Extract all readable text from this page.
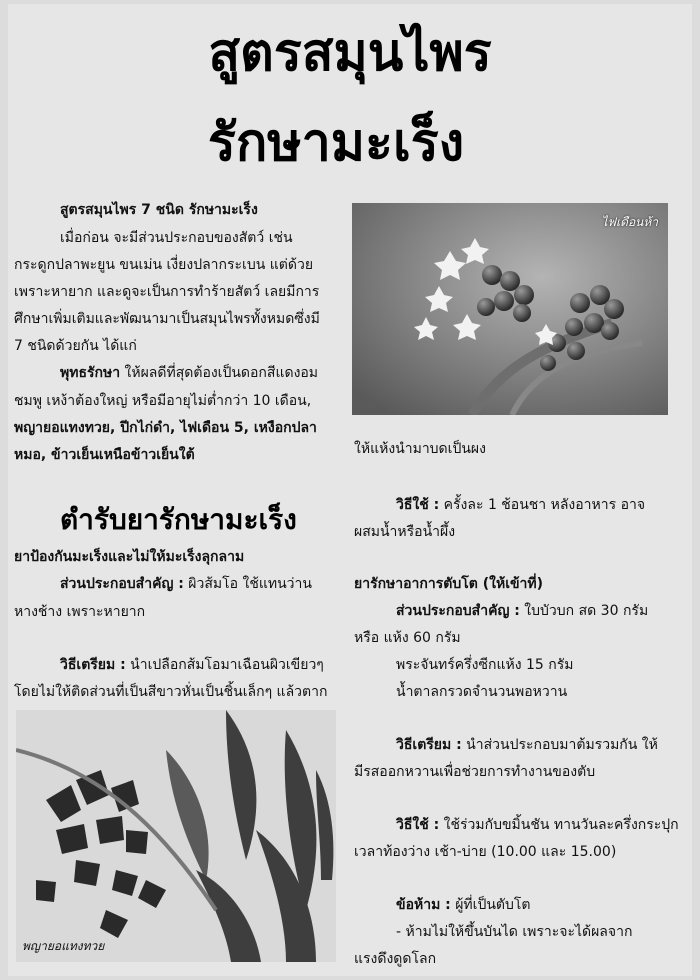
สูตรสมุนไพร
รักษามะเร็ง
สูตรสมุนไพร 7 ชนิด รักษามะเร็ง
เมื่อก่อน จะมีส่วนประกอบของสัตว์ เช่น
กระดูกปลาพะยูน ขนเม่น เงี่ยงปลากระเบน แต่ด้วย
เพราะหายาก และดูจะเป็นการทำร้ายสัตว์ เลยมีการ
ศึกษาเพิ่มเติมและพัฒนามาเป็นสมุนไพรทั้งหมดซึ่งมี
7 ชนิดด้วยกัน ได้แก่
พุทธรักษา ให้ผลดีที่สุดต้องเป็นดอกสีแดงอม
ชมพู เหง้าต้องใหญ่ หรือมีอายุไม่ต่ำกว่า 10 เดือน,
พญายอแทงทวย, ปีกไก่ดำ, ไฟเดือน 5, เหงือกปลา
หมอ, ข้าวเย็นเหนือข้าวเย็นใต้
ตำรับยารักษามะเร็ง
ยาป้องกันมะเร็งและไม่ให้มะเร็งลุกลาม
ส่วนประกอบสำคัญ : ผิวส้มโอ ใช้แทนว่าน
หางช้าง เพราะหายาก
วิธีเตรียม : นำเปลือกส้มโอมาเฉือนผิวเขียวๆ
โดยไม่ให้ติดส่วนที่เป็นสีขาวหั่นเป็นชิ้นเล็กๆ แล้วตาก
ให้แห้งนำมาบดเป็นผง
วิธีใช้ : ครั้งละ 1 ช้อนชา หลังอาหาร อาจ
ผสมน้ำหรือน้ำผึ้ง
ยารักษาอาการตับโต (ให้เข้าที่)
ส่วนประกอบสำคัญ : ใบบัวบก สด 30 กรัม
หรือ แห้ง 60 กรัม
พระจันทร์ครึ่งซีกแห้ง 15 กรัม
น้ำตาลกรวดจำนวนพอหวาน
วิธีเตรียม : นำส่วนประกอบมาต้มรวมกัน ให้
มีรสออกหวานเพื่อช่วยการทำงานของตับ
วิธีใช้ : ใช้ร่วมกับขมิ้นชัน ทานวันละครึ่งกระปุก
เวลาท้องว่าง เช้า-บ่าย (10.00 และ 15.00)
ข้อห้าม : ผู้ที่เป็นตับโต
- ห้ามไม่ให้ขึ้นบันได เพราะจะได้ผลจาก
แรงดึงดูดโลก
ไฟเดือนห้า
พญายอแทงทวย
